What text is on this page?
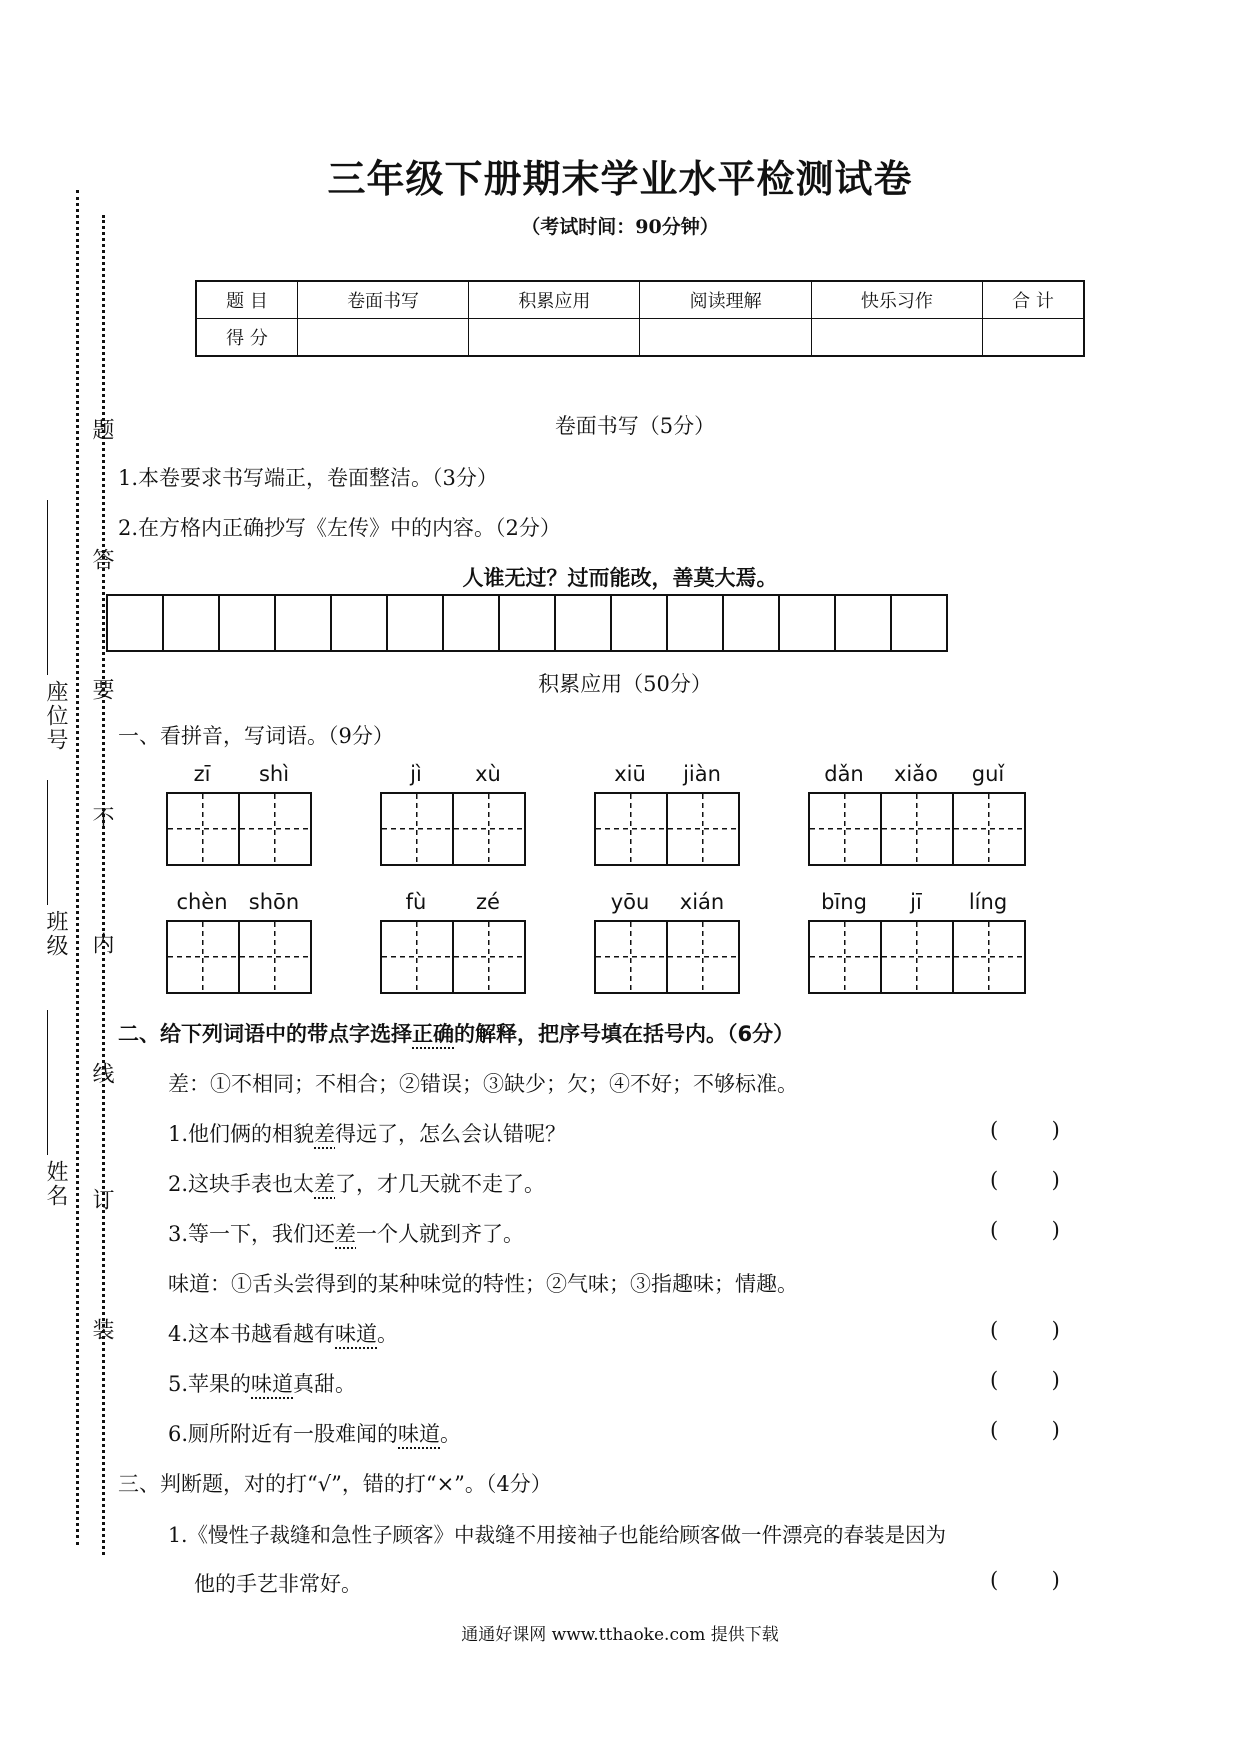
题
答
要
不
内
线
订
装
座位号
班级
姓名
三年级下册期末学业水平检测试卷
（考试时间：90分钟）
题 目	卷面书写	积累应用	阅读理解	快乐习作	合 计
得 分					
卷面书写（5分）
1.本卷要求书写端正，卷面整洁。（3分）
2.在方格内正确抄写《左传》中的内容。（2分）
人谁无过？过而能改，善莫大焉。
积累应用（50分）
一、看拼音，写词语。（9分）
zī	shì	jì	xù	xiū	jiàn	dǎn	xiǎo	guǐ
chèn	shōn	fù	zé	yōu	xián	bīng	jī	líng
二、给下列词语中的带点字选择正确的解释，把序号填在括号内。（6分）
差：①不相同；不相合；②错误；③缺少；欠；④不好；不够标准。
1.他们俩的相貌差得远了，怎么会认错呢？	(        )
2.这块手表也太差了，才几天就不走了。	(        )
3.等一下，我们还差一个人就到齐了。	(        )
味道：①舌头尝得到的某种味觉的特性；②气味；③指趣味；情趣。
4.这本书越看越有味道。	(        )
5.苹果的味道真甜。	(        )
6.厕所附近有一股难闻的味道。	(        )
三、判断题，对的打“√”，错的打“×”。（4分）
1.《慢性子裁缝和急性子顾客》中裁缝不用接袖子也能给顾客做一件漂亮的春装是因为
他的手艺非常好。	(        )
通通好课网 www.tthaoke.com 提供下载
